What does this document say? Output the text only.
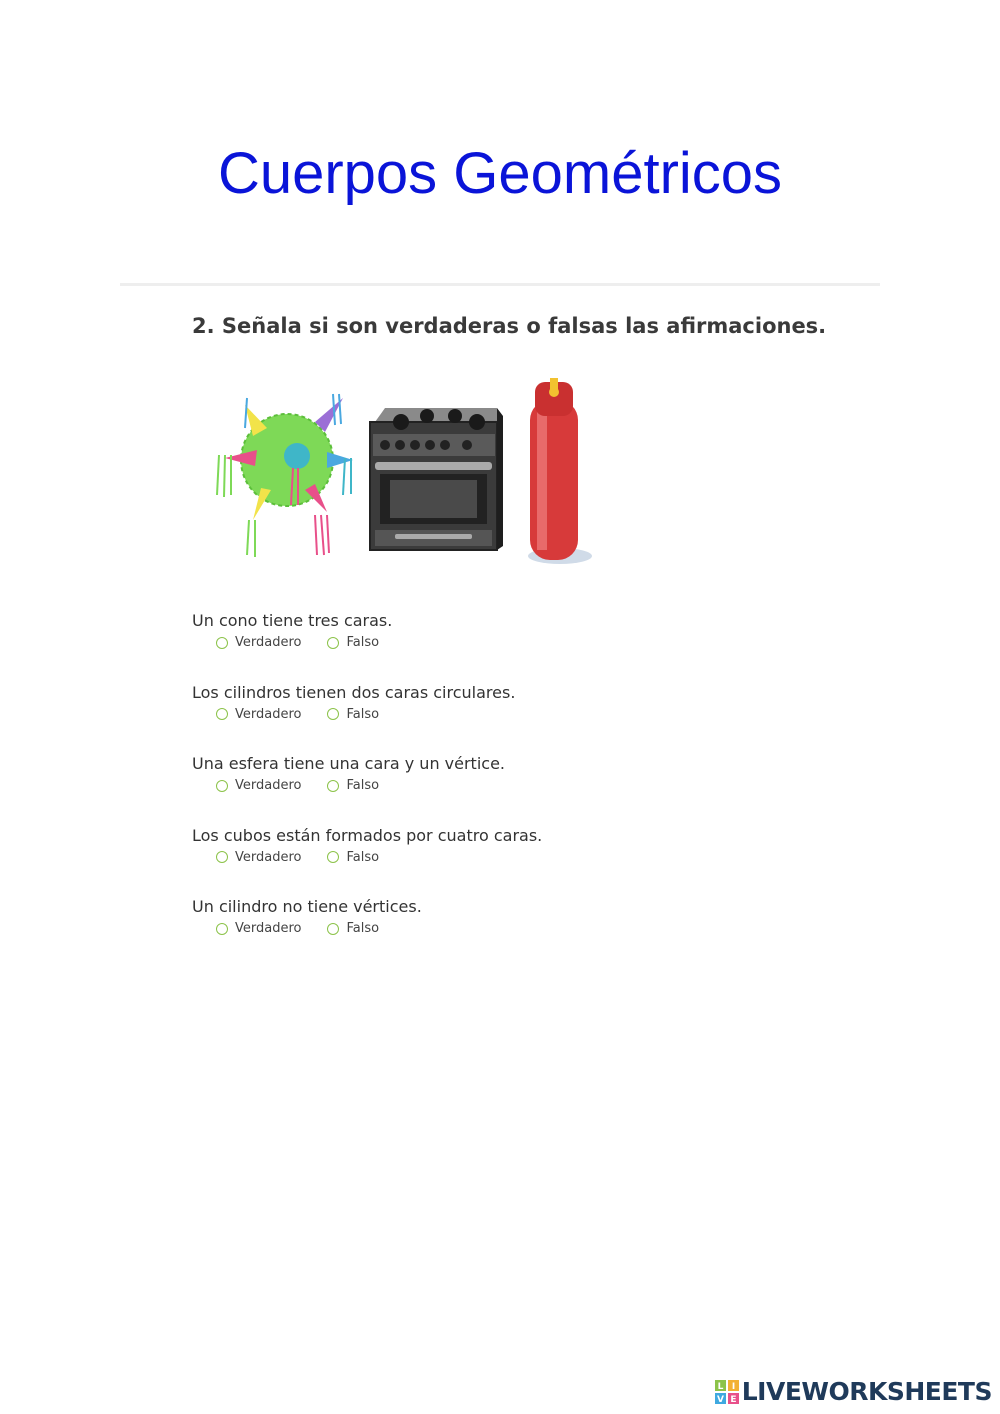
Cuerpos Geométricos
2. Señala si son verdaderas o falsas las afirmaciones.
Un cono tiene tres caras.
Verdadero	Falso
Los cilindros tienen dos caras circulares.
Verdadero	Falso
Una esfera tiene una cara y un vértice.
Verdadero	Falso
Los cubos están formados por cuatro caras.
Verdadero	Falso
Un cilindro no tiene vértices.
Verdadero	Falso
L I
V E LIVEWORKSHEETS
